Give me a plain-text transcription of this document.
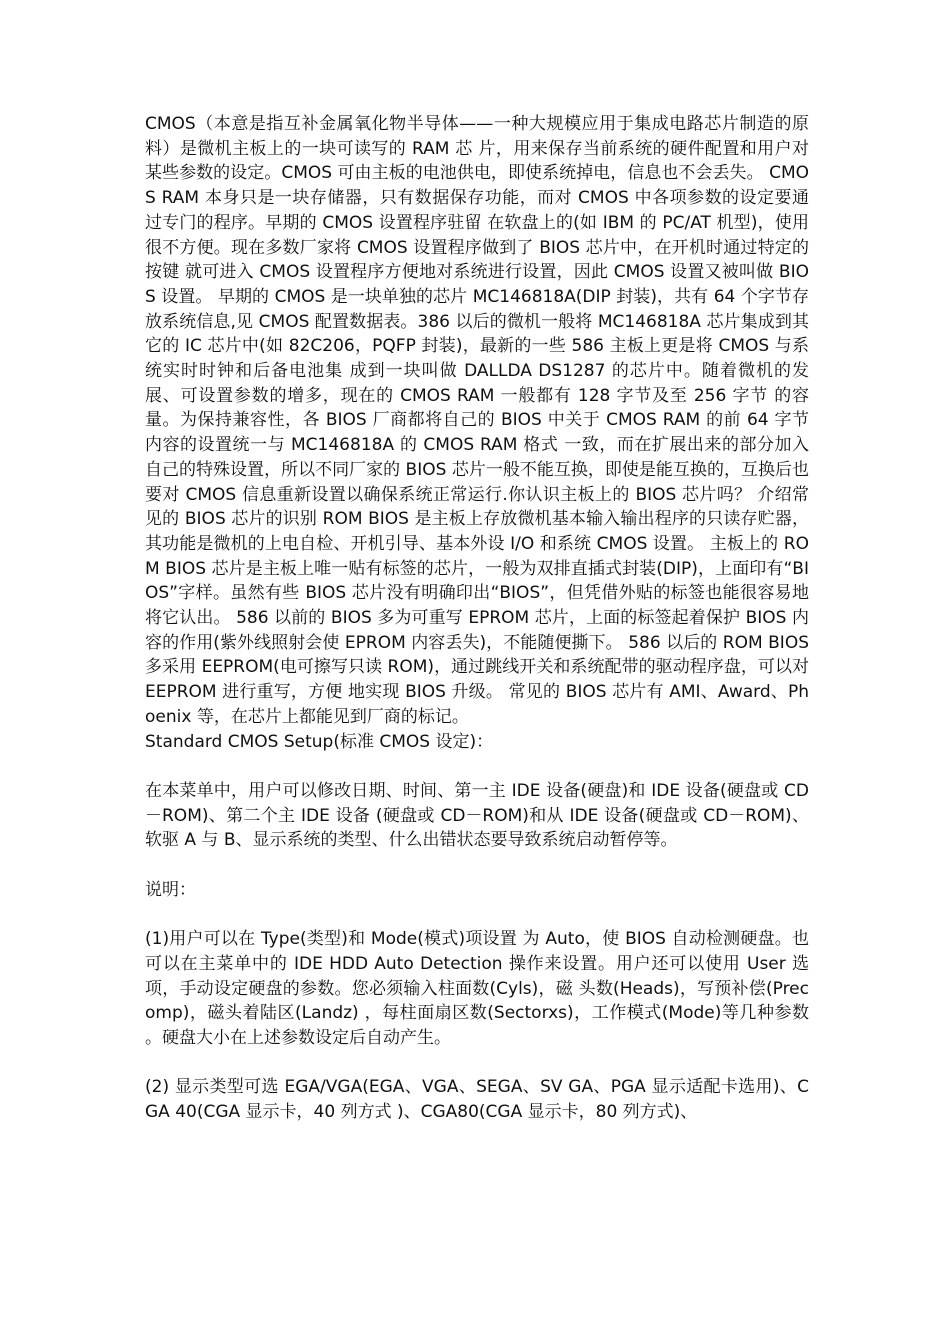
CMOS（本意是指互补金属氧化物半导体——一种大规模应用于集成电路芯片制造的原料）是微机主板上的一块可读写的 RAM 芯 片，用来保存当前系统的硬件配置和用户对某些参数的设定。CMOS 可由主板的电池供电，即使系统掉电，信息也不会丢失。 CMOS RAM 本身只是一块存储器，只有数据保存功能，而对 CMOS 中各项参数的设定要通过专门的程序。早期的 CMOS 设置程序驻留 在软盘上的(如 IBM 的 PC/AT 机型)，使用很不方便。现在多数厂家将 CMOS 设置程序做到了 BIOS 芯片中，在开机时通过特定的按键 就可进入 CMOS 设置程序方便地对系统进行设置，因此 CMOS 设置又被叫做 BIOS 设置。 早期的 CMOS 是一块单独的芯片 MC146818A(DIP 封装)，共有 64 个字节存放系统信息,见 CMOS 配置数据表。386 以后的微机一般将 MC146818A 芯片集成到其它的 IC 芯片中(如 82C206，PQFP 封装)，最新的一些 586 主板上更是将 CMOS 与系统实时时钟和后备电池集 成到一块叫做 DALLDA DS1287 的芯片中。随着微机的发展、可设置参数的增多，现在的 CMOS RAM 一般都有 128 字节及至 256 字节 的容量。为保持兼容性，各 BIOS 厂商都将自己的 BIOS 中关于 CMOS RAM 的前 64 字节内容的设置统一与 MC146818A 的 CMOS RAM 格式 一致，而在扩展出来的部分加入自己的特殊设置，所以不同厂家的 BIOS 芯片一般不能互换，即使是能互换的，互换后也要对 CMOS 信息重新设置以确保系统正常运行.你认识主板上的 BIOS 芯片吗？ 介绍常见的 BIOS 芯片的识别 ROM BIOS 是主板上存放微机基本输入输出程序的只读存贮器，其功能是微机的上电自检、开机引导、基本外设 I/O 和系统 CMOS 设置。 主板上的 ROM BIOS 芯片是主板上唯一贴有标签的芯片，一般为双排直插式封装(DIP)，上面印有“BIOS”字样。虽然有些 BIOS 芯片没有明确印出“BIOS”，但凭借外贴的标签也能很容易地将它认出。 586 以前的 BIOS 多为可重写 EPROM 芯片，上面的标签起着保护 BIOS 内容的作用(紫外线照射会使 EPROM 内容丢失)，不能随便撕下。 586 以后的 ROM BIOS 多采用 EEPROM(电可擦写只读 ROM)，通过跳线开关和系统配带的驱动程序盘，可以对 EEPROM 进行重写，方便 地实现 BIOS 升级。 常见的 BIOS 芯片有 AMI、Award、Phoenix 等，在芯片上都能见到厂商的标记。

Standard CMOS Setup(标准 CMOS 设定)：

在本菜单中，用户可以修改日期、时间、第一主 IDE 设备(硬盘)和 IDE 设备(硬盘或 CD－ROM)、第二个主 IDE 设备 (硬盘或 CD－ROM)和从 IDE 设备(硬盘或 CD－ROM)、软驱 A 与 B、显示系统的类型、什么出错状态要导致系统启动暂停等。

说明：

(1)用户可以在 Type(类型)和 Mode(模式)项设置 为 Auto，使 BIOS 自动检测硬盘。也可以在主菜单中的 IDE HDD Auto Detection 操作来设置。用户还可以使用 User 选 项，手动设定硬盘的参数。您必须输入柱面数(Cyls)，磁 头数(Heads)，写预补偿(Precomp)，磁头着陆区(Landz) ，每柱面扇区数(Sectorxs)，工作模式(Mode)等几种参数 。硬盘大小在上述参数设定后自动产生。

(2) 显示类型可选 EGA/VGA(EGA、VGA、SEGA、SV GA、PGA 显示适配卡选用)、CGA 40(CGA 显示卡，40 列方式 )、CGA80(CGA 显示卡，80 列方式)、
